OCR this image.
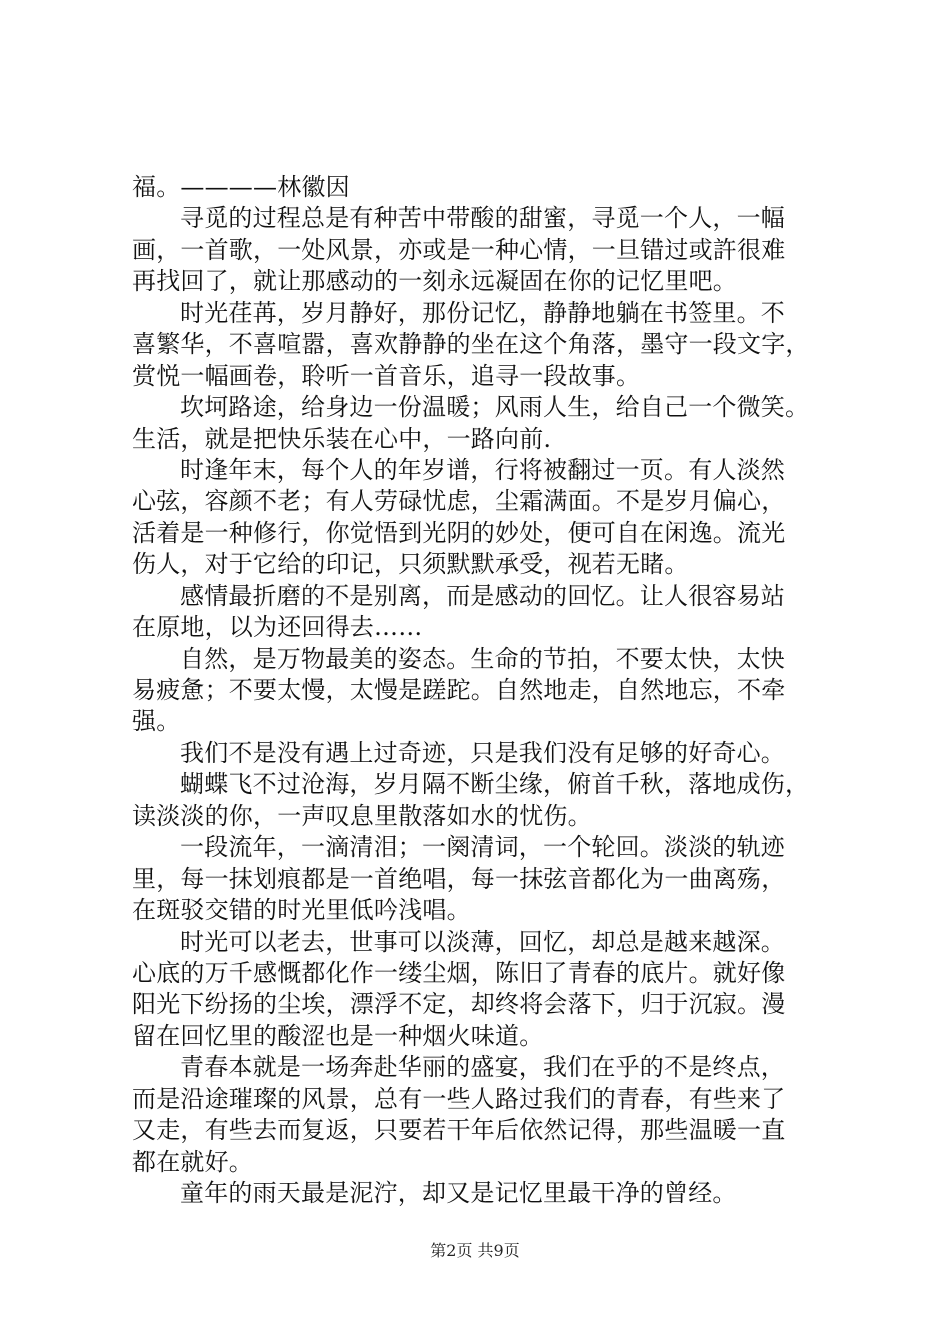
福。————林徽因
寻觅的过程总是有种苦中带酸的甜蜜，寻觅一个人，一幅
画，一首歌，一处风景，亦或是一种心情，一旦错过或許很难
再找回了，就让那感动的一刻永远凝固在你的记忆里吧。
时光荏苒，岁月静好，那份记忆，静静地躺在书签里。不
喜繁华，不喜喧嚣，喜欢静静的坐在这个角落，墨守一段文字，
赏悦一幅画卷，聆听一首音乐，追寻一段故事。
坎坷路途，给身边一份温暖；风雨人生，给自己一个微笑。
生活，就是把快乐装在心中，一路向前.
时逢年末，每个人的年岁谱，行将被翻过一页。有人淡然
心弦，容颜不老；有人劳碌忧虑，尘霜满面。不是岁月偏心，
活着是一种修行，你觉悟到光阴的妙处，便可自在闲逸。流光
伤人，对于它给的印记，只须默默承受，视若无睹。
感情最折磨的不是别离，而是感动的回忆。让人很容易站
在原地，以为还回得去……
自然，是万物最美的姿态。生命的节拍，不要太快，太快
易疲惫；不要太慢，太慢是蹉跎。自然地走，自然地忘，不牵
强。
我们不是没有遇上过奇迹，只是我们没有足够的好奇心。
蝴蝶飞不过沧海，岁月隔不断尘缘，俯首千秋，落地成伤，
读淡淡的你，一声叹息里散落如水的忧伤。
一段流年，一滴清泪；一阕清词，一个轮回。淡淡的轨迹
里，每一抹划痕都是一首绝唱，每一抹弦音都化为一曲离殇，
在斑驳交错的时光里低吟浅唱。
时光可以老去，世事可以淡薄，回忆，却总是越来越深。
心底的万千感慨都化作一缕尘烟，陈旧了青春的底片。就好像
阳光下纷扬的尘埃，漂浮不定，却终将会落下，归于沉寂。漫
留在回忆里的酸涩也是一种烟火味道。
青春本就是一场奔赴华丽的盛宴，我们在乎的不是终点，
而是沿途璀璨的风景，总有一些人路过我们的青春，有些来了
又走，有些去而复返，只要若干年后依然记得，那些温暖一直
都在就好。
童年的雨天最是泥泞，却又是记忆里最干净的曾经。
第2页 共9页
